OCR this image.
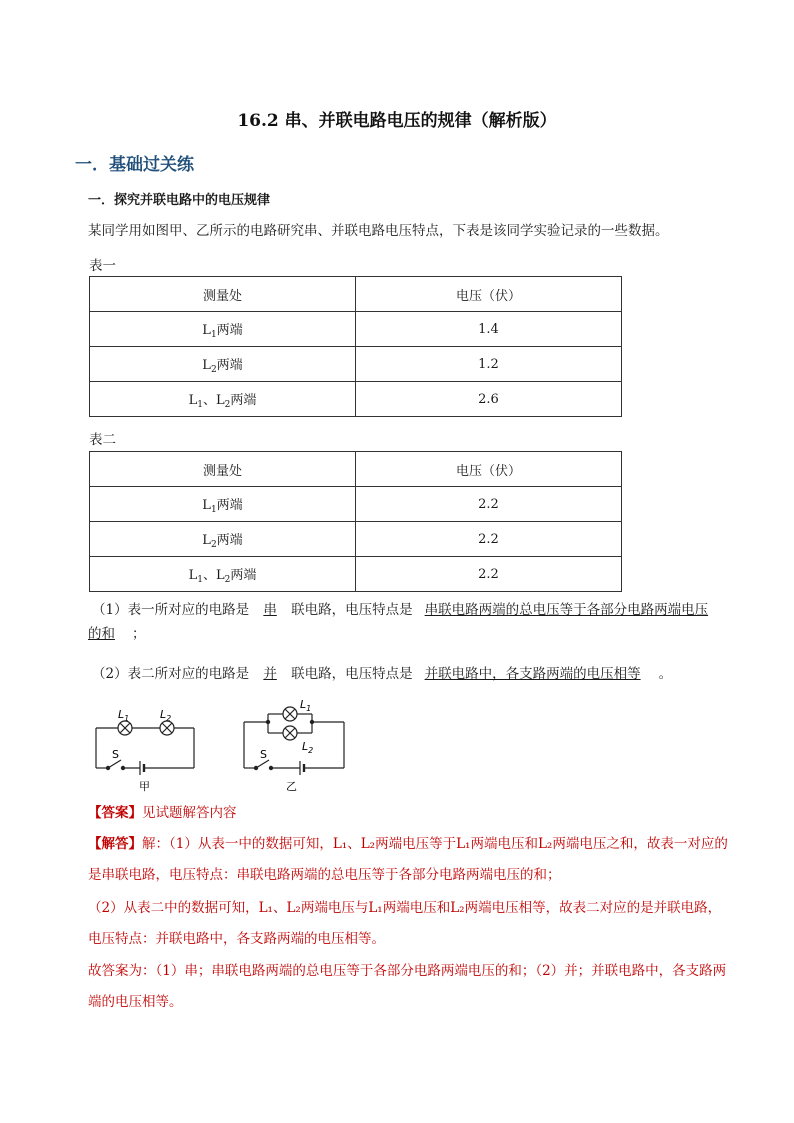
16.2 串、并联电路电压的规律（解析版）
一．基础过关练
一．探究并联电路中的电压规律
某同学用如图甲、乙所示的电路研究串、并联电路电压特点，下表是该同学实验记录的一些数据。
表一
测量处	电压（伏）
$L_1$两端	1.4
$L_2$两端	1.2
$L_1$、$L_2$两端	2.6
表二
测量处	电压（伏）
$L_1$两端	2.2
$L_2$两端	2.2
$L_1$、$L_2$两端	2.2
（1）表一所对应的电路是 串 联电路，电压特点是 串联电路两端的总电压等于各部分电路两端电压
的和 ；
（2）表二所对应的电路是 并 联电路，电压特点是 并联电路中，各支路两端的电压相等 。
$L_1$	$L_2$
S
甲
$L_1$
$L_2$
S
乙
【答案】见试题解答内容
【解答】解：（1）从表一中的数据可知，L₁、L₂两端电压等于L₁两端电压和L₂两端电压之和，故表一对应的是串联电路，电压特点：串联电路两端的总电压等于各部分电路两端电压的和；
（2）从表二中的数据可知，L₁、L₂两端电压与L₁两端电压和L₂两端电压相等，故表二对应的是并联电路，电压特点：并联电路中，各支路两端的电压相等。
故答案为：（1）串；串联电路两端的总电压等于各部分电路两端电压的和；（2）并；并联电路中，各支路两端的电压相等。
